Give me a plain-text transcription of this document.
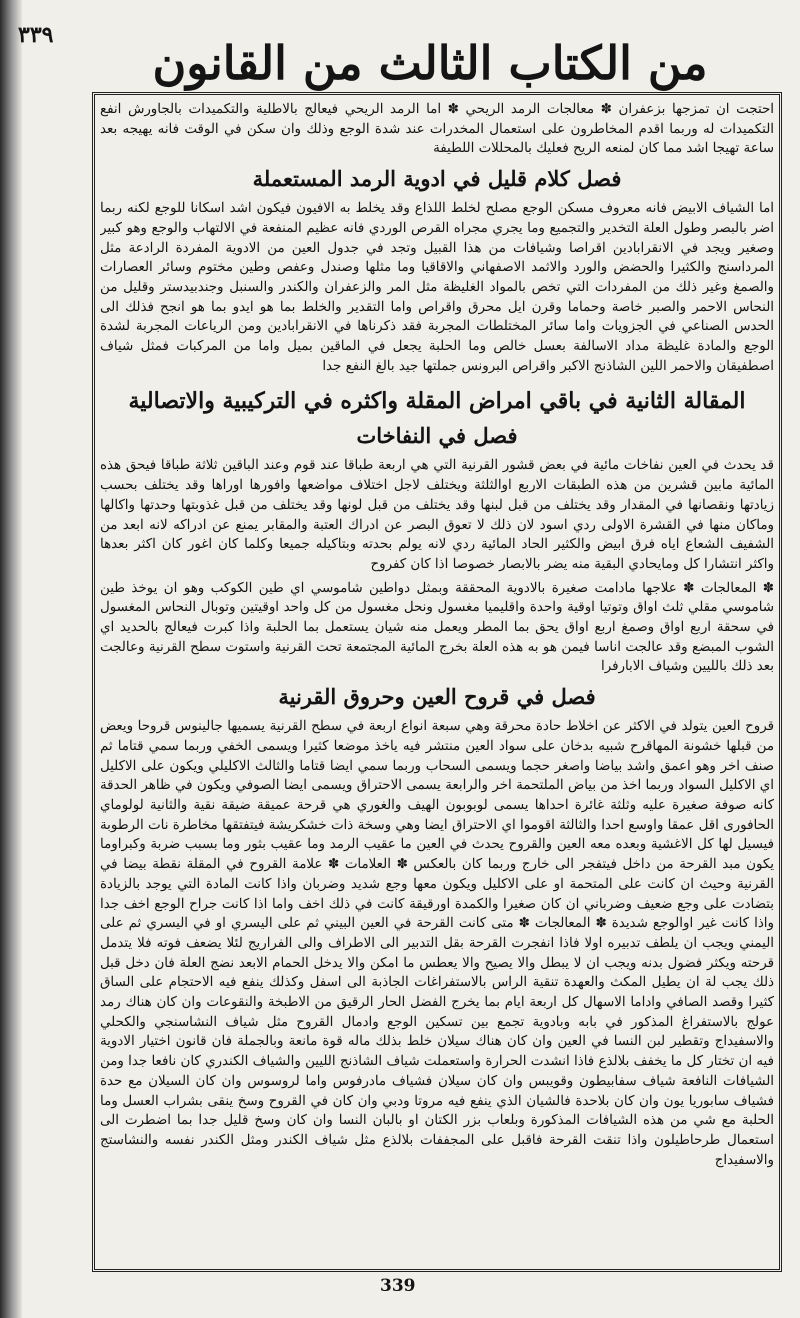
٣٣٩
من الكتاب الثالث من القانون

احتجت ان تمزجها بزعفران ✽ معالجات الرمد الريحي ✽ اما الرمد الريحي فيعالج بالاطلية والتكميدات بالجاورش انفع التكميدات له وربما اقدم المخاطرون على استعمال المخدرات عند شدة الوجع وذلك وان سكن في الوقت فانه يهيجه بعد ساعة تهيجا اشد مما كان لمنعه الريح فعليك بالمحللات اللطيفة

فصل كلام قليل في ادوية الرمد المستعملة

اما الشياف الابيض فانه معروف مسكن الوجع مصلح لخلط اللذاع وقد يخلط به الافيون فيكون اشد اسكانا للوجع لكنه ربما اضر بالبصر وطول العلة التخدير والتجميع وما يجري مجراه القرص الوردي فانه عظيم المنفعة في الالتهاب والوجع وهو كبير وصغير ويجد في الانقرابادين اقراصا وشيافات من هذا القبيل وتجد في جدول العين من الادوية المفردة الرادعة مثل المرداسنج والكثيرا والحضض والورد والاثمد الاصفهاني والاقاقيا وما مثلها وصندل وعفص وطين مختوم وسائر العصارات والصمغ وغير ذلك من المفردات التي تخص بالمواد الغليظة مثل المر والزعفران والكندر والسنبل وجندبيدستر وقليل من النحاس الاحمر والصبر خاصة وحماما وقرن ايل محرق واقراص واما التقدير والخلط بما هو ايدو بما هو انجح فذلك الى الحدس الصناعي في الجزويات واما سائر المختلطات المجربة فقد ذكرناها في الانقرابادين ومن الرياعات المجربة لشدة الوجع والمادة غليظة مداد الاسالفة بعسل خالص وما الحلبة يجعل في الماقين بميل واما من المركبات فمثل شياف اصطفيقان والاحمر اللين الشاذنج الاكبر واقراص البرونس جملتها جيد بالغ النفع جدا

المقالة الثانية في باقي امراض المقلة واكثره في التركيبية والاتصالية
فصل في النفاخات

قد يحدث في العين نفاخات مائية في بعض قشور القرنية التي هي اربعة طباقا عند قوم وعند الباقين ثلاثة طباقا فيحق هذه المائية مابين قشرين من هذه الطبقات الاربع اوالثلثة ويختلف لاجل اختلاف مواضعها وافورها اوراها وقد يختلف بحسب زيادتها ونقصانها في المقدار وقد يختلف من قبل لبنها وقد يختلف من قبل لونها وقد يختلف من قبل غذوبتها وحدتها واكالها وماكان منها في القشرة الاولى ردي اسود لان ذلك لا تعوق البصر عن ادراك العتبة والمقابر يمنع عن ادراكه لانه ابعد من الشفيف الشعاع اياه فرق ابيض والكثير الحاد المائية ردي لانه يولم بحدته وبتاكيله جميعا وكلما كان اغور كان اكثر بعدها واكثر انتشارا كل ومايحادي البقية منه يضر بالابصار خصوصا اذا كان كفروح

✽ المعالجات ✽ علاجها مادامت صغيرة بالادوية المحققة وبمثل دواطين شاموسي اي طين الكوكب وهو ان يوخذ طين شاموسي مقلي ثلث اواق وتوتيا اوقية واحدة واقليميا مغسول ونحل مغسول من كل واحد اوقيتين وتوبال النحاس المغسول في سحقة اربع اواق وصمغ اربع اواق يحق بما المطر ويعمل منه شيان يستعمل بما الحلبة واذا كبرت فيعالج بالحديد اي الشوب المبضع وقد عالجت اناسا فيمن هو به هذه العلة بخرج المائية المجتمعة تحت القرنية واستوت سطح القرنية وعالجت بعد ذلك بالليين وشياف الابارفرا

فصل في قروح العين وحروق القرنية

قروح العين يتولد في الاكثر عن اخلاط حادة محرقة وهي سبعة انواع اربعة في سطح القرنية يسميها جالينوس قروحا ويعض من قبلها خشونة المهاقرح شبيه بدخان على سواد العين منتشر فيه ياخذ موضعا كثيرا ويسمى الخفي وربما سمي قتاما ثم صنف اخر وهو اعمق واشد بياضا واصغر حجما ويسمى السحاب وربما سمي ايضا قتاما والثالث الاكليلي ويكون على الاكليل اي الاكليل السواد وربما اخذ من بياض الملتحمة اخر والرابعة يسمى الاحتراق ويسمى ايضا الصوفي ويكون في ظاهر الحدقة كانه صوفة صغيرة عليه وثلثة غائرة احداها يسمى لوبوبون الهيف والغوري هي قرحة عميقة ضيقة نقية والثانية لولوماي الحافورى اقل عمقا واوسع احدا والثالثة اقوموا اي الاحتراق ايضا وهي وسخة ذات خشكريشة فيتفتقها مخاطرة نات الرطوبة فيسيل لها كل الاغشية وبعده معه العين والقروح يحدث في العين ما عقيب الرمد وما عقيب بثور وما بسبب ضربة وكبراوما يكون مبد القرحة من داخل فيتفجر الى خارج وربما كان بالعكس ✽ العلامات ✽ علامة القروح في المقلة نقطة بيضا في القرنية وحيث ان كانت على المتحمة او على الاكليل ويكون معها وجع شديد وضربان واذا كانت المادة التي يوجد بالزيادة بتضادت على وجع ضعيف وضرباني ان كان صغيرا والكمدة اورقيقة كانت في ذلك اخف واما اذا كانت جراح الوجع اخف جدا واذا كانت غير اوالوجع شديدة ✽ المعالجات ✽ متى كانت القرحة في العين البيني ثم على اليسري او في اليسري ثم على اليمني ويجب ان يلطف تدبيره اولا فاذا انفجرت القرحة بقل التدبير الى الاطراف والى الفراريج لئلا يضعف فوته فلا يتدمل قرحته ويكثر فضول بدنه ويجب ان لا يبطل والا يصيح والا يعطس ما امكن والا يدخل الحمام الابعد نضج العلة فان دخل قبل ذلك يجب لة ان يطيل المكث والعهدة تنقية الراس بالاستفراغات الجاذبة الى اسفل وكذلك ينفع فيه الاحتجام على الساق كثيرا وقصد الصافي واداما الاسهال كل اربعة ايام بما يخرج الفضل الحار الرقيق من الاطبخة والنقوعات وان كان هناك رمد عولج بالاستفراغ المذكور في بابه وبادوية تجمع بين تسكين الوجع وادمال القروح مثل شياف النشاسنجي والكحلي والاسفيداج وتقطير لبن النسا في العين وان كان هناك سيلان خلط بذلك ماله قوة مانعة وبالجملة فان قانون اختيار الادوية فيه ان تختار كل ما يخفف بلالذع فاذا انشدت الحرارة واستعملت شياف الشاذنج الليين والشياف الكندري كان نافعا جدا ومن الشيافات النافعة شياف سفابيطون وقويبس وان كان سيلان فشياف مادرفوس واما لروسوس وان كان السيلان مع حدة فشياف سابوريا يون وان كان بلاحدة فالشيان الذي ينفع فيه مروتا ودبي وان كان في القروح وسخ ينقى بشراب العسل وما الحلبة مع شي من هذه الشيافات المذكورة وبلعاب بزر الكتان او بالبان النسا وان كان وسخ قليل جدا بما اضطرت الى استعمال طرحاطيلون واذا تنقت القرحة فاقبل على المجففات بلالذع مثل شياف الكندر ومثل الكندر نفسه والنشاستج والاسفيداج

339
